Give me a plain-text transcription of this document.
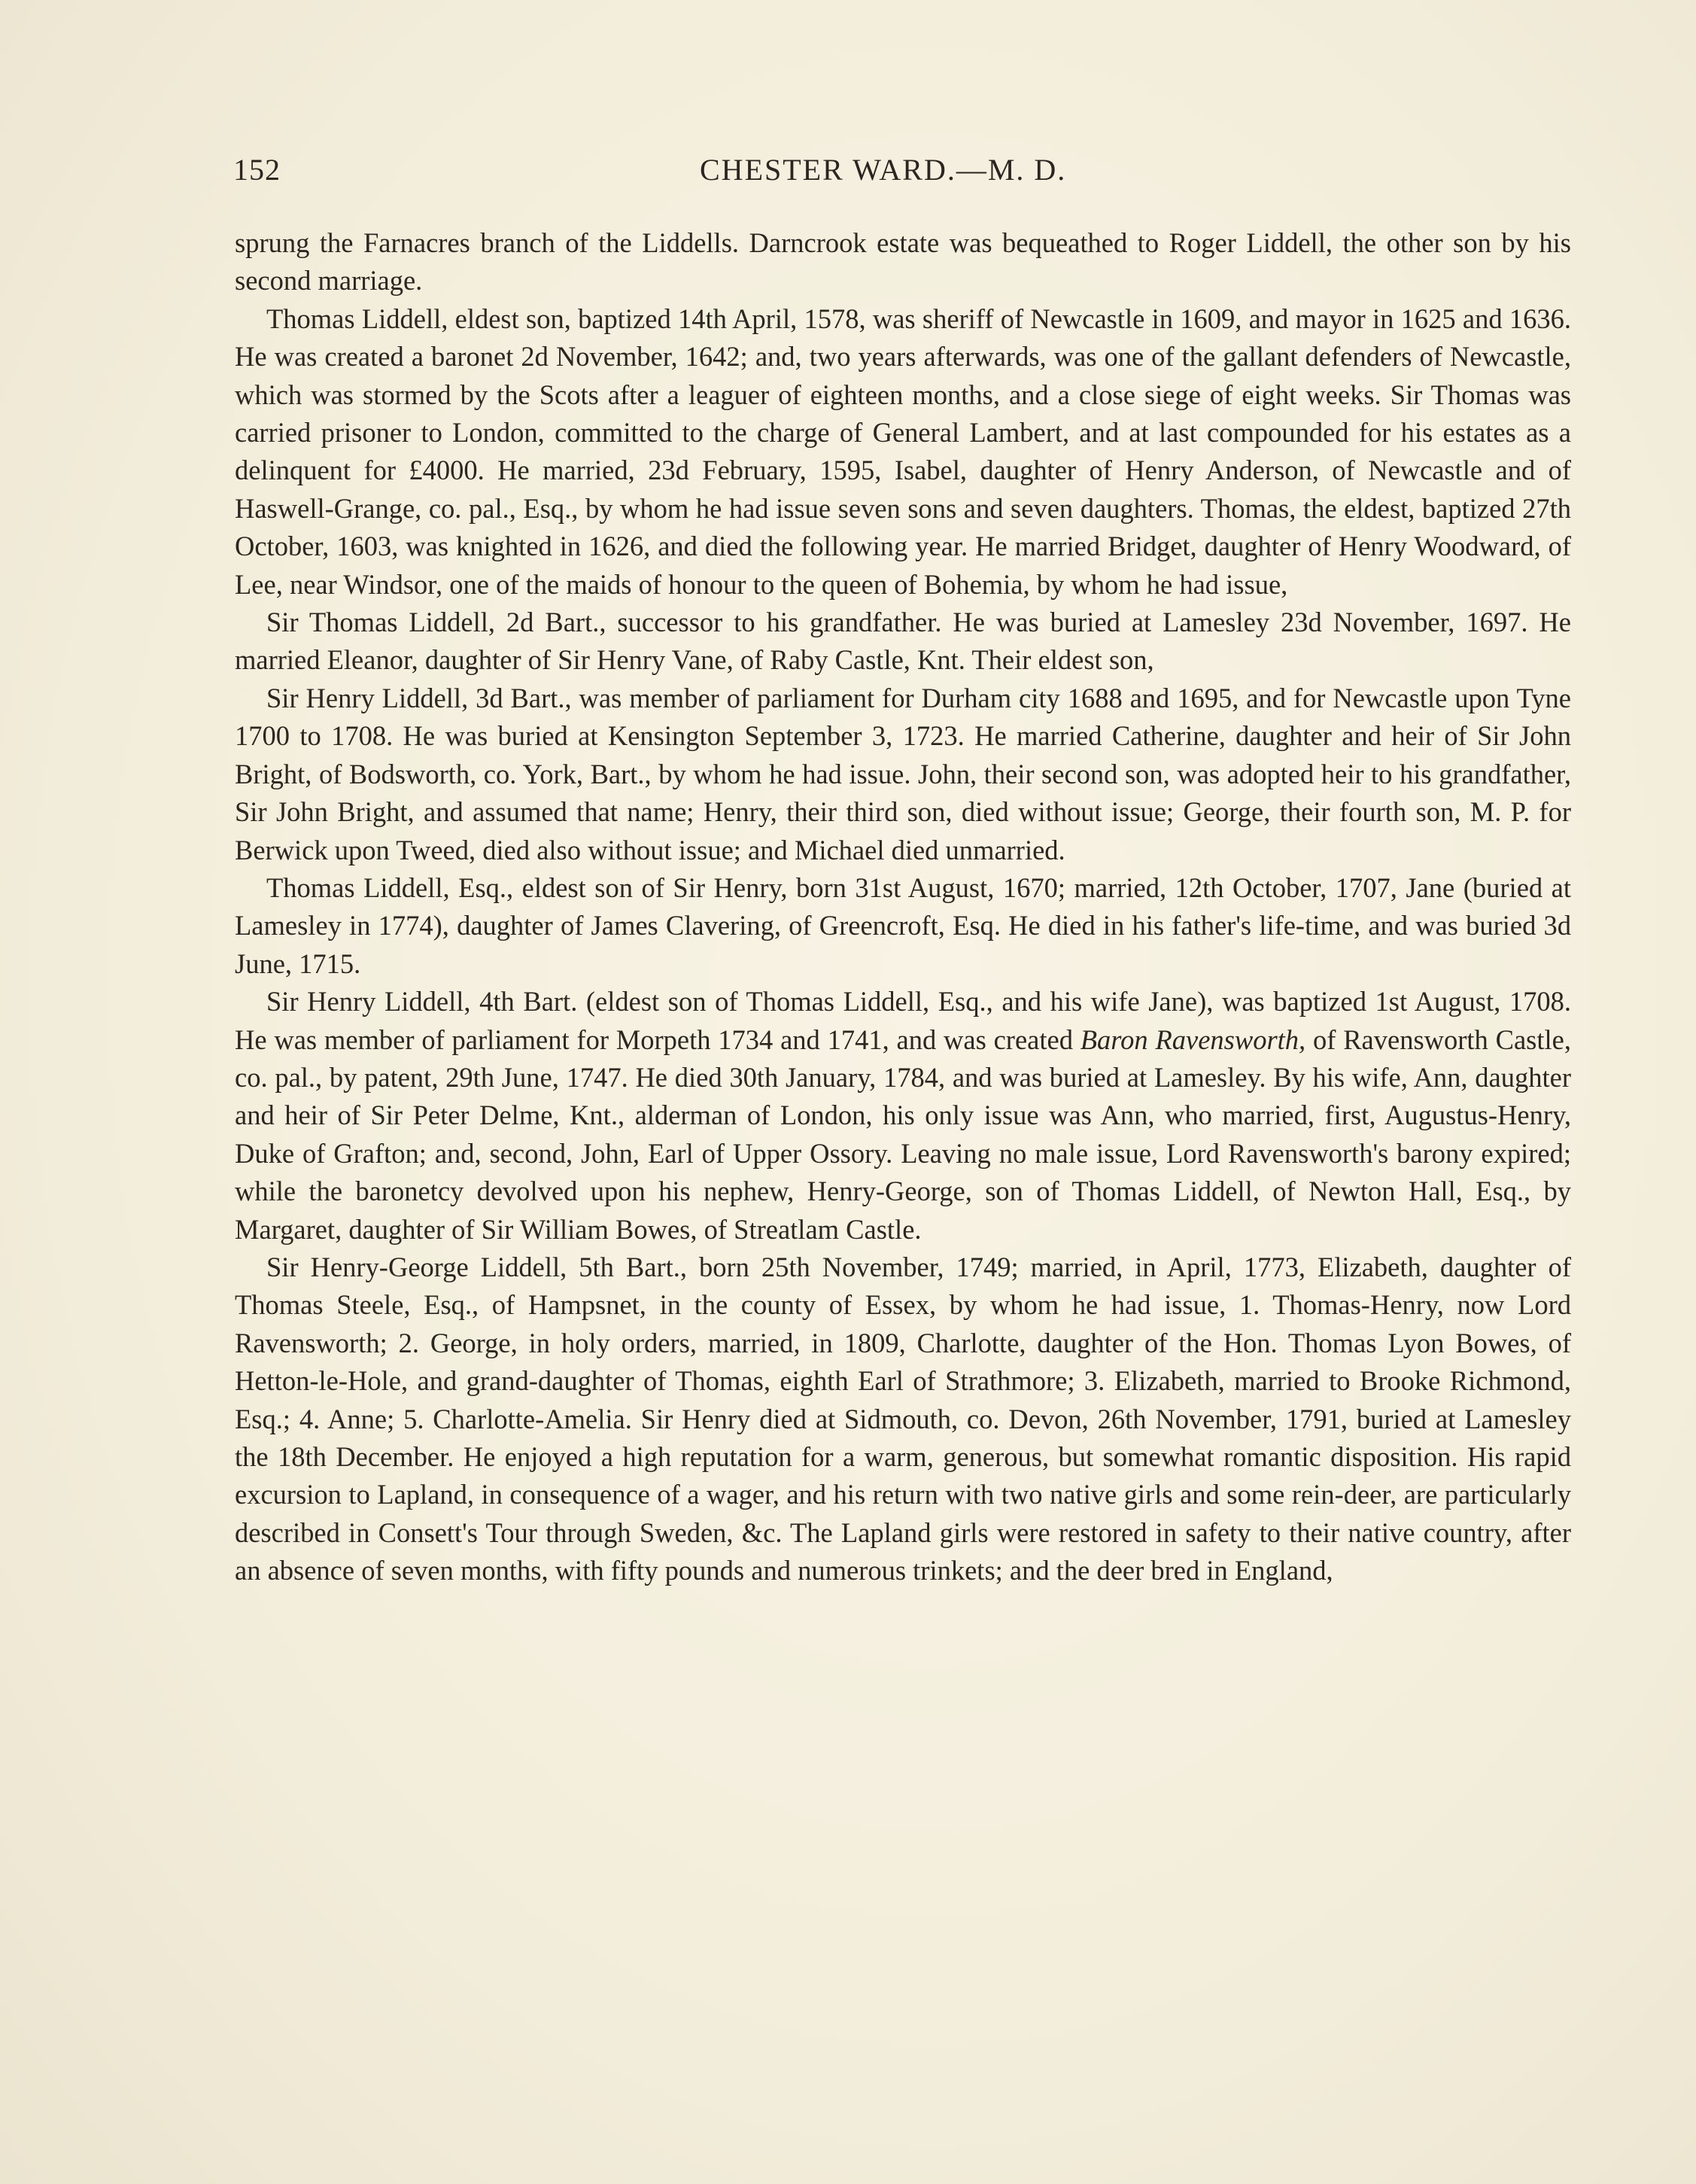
152	CHESTER WARD.—M. D.

sprung the Farnacres branch of the Liddells. Darncrook estate was bequeathed to Roger Liddell, the other son by his second marriage.

Thomas Liddell, eldest son, baptized 14th April, 1578, was sheriff of Newcastle in 1609, and mayor in 1625 and 1636. He was created a baronet 2d November, 1642; and, two years afterwards, was one of the gallant defenders of Newcastle, which was stormed by the Scots after a leaguer of eighteen months, and a close siege of eight weeks. Sir Thomas was carried prisoner to London, committed to the charge of General Lambert, and at last compounded for his estates as a delinquent for £4000. He married, 23d February, 1595, Isabel, daughter of Henry Anderson, of Newcastle and of Haswell-Grange, co. pal., Esq., by whom he had issue seven sons and seven daughters. Thomas, the eldest, baptized 27th October, 1603, was knighted in 1626, and died the following year. He married Bridget, daughter of Henry Woodward, of Lee, near Windsor, one of the maids of honour to the queen of Bohemia, by whom he had issue,

Sir Thomas Liddell, 2d Bart., successor to his grandfather. He was buried at Lamesley 23d November, 1697. He married Eleanor, daughter of Sir Henry Vane, of Raby Castle, Knt. Their eldest son,

Sir Henry Liddell, 3d Bart., was member of parliament for Durham city 1688 and 1695, and for Newcastle upon Tyne 1700 to 1708. He was buried at Kensington September 3, 1723. He married Catherine, daughter and heir of Sir John Bright, of Bodsworth, co. York, Bart., by whom he had issue. John, their second son, was adopted heir to his grandfather, Sir John Bright, and assumed that name; Henry, their third son, died without issue; George, their fourth son, M. P. for Berwick upon Tweed, died also without issue; and Michael died unmarried.

Thomas Liddell, Esq., eldest son of Sir Henry, born 31st August, 1670; married, 12th October, 1707, Jane (buried at Lamesley in 1774), daughter of James Clavering, of Greencroft, Esq. He died in his father's life-time, and was buried 3d June, 1715.

Sir Henry Liddell, 4th Bart. (eldest son of Thomas Liddell, Esq., and his wife Jane), was baptized 1st August, 1708. He was member of parliament for Morpeth 1734 and 1741, and was created Baron Ravensworth, of Ravensworth Castle, co. pal., by patent, 29th June, 1747. He died 30th January, 1784, and was buried at Lamesley. By his wife, Ann, daughter and heir of Sir Peter Delme, Knt., alderman of London, his only issue was Ann, who married, first, Augustus-Henry, Duke of Grafton; and, second, John, Earl of Upper Ossory. Leaving no male issue, Lord Ravensworth's barony expired; while the baronetcy devolved upon his nephew, Henry-George, son of Thomas Liddell, of Newton Hall, Esq., by Margaret, daughter of Sir William Bowes, of Streatlam Castle.

Sir Henry-George Liddell, 5th Bart., born 25th November, 1749; married, in April, 1773, Elizabeth, daughter of Thomas Steele, Esq., of Hampsnet, in the county of Essex, by whom he had issue, 1. Thomas-Henry, now Lord Ravensworth; 2. George, in holy orders, married, in 1809, Charlotte, daughter of the Hon. Thomas Lyon Bowes, of Hetton-le-Hole, and grand-daughter of Thomas, eighth Earl of Strathmore; 3. Elizabeth, married to Brooke Richmond, Esq.; 4. Anne; 5. Charlotte-Amelia. Sir Henry died at Sidmouth, co. Devon, 26th November, 1791, buried at Lamesley the 18th December. He enjoyed a high reputation for a warm, generous, but somewhat romantic disposition. His rapid excursion to Lapland, in consequence of a wager, and his return with two native girls and some rein-deer, are particularly described in Consett's Tour through Sweden, &c. The Lapland girls were restored in safety to their native country, after an absence of seven months, with fifty pounds and numerous trinkets; and the deer bred in England,
